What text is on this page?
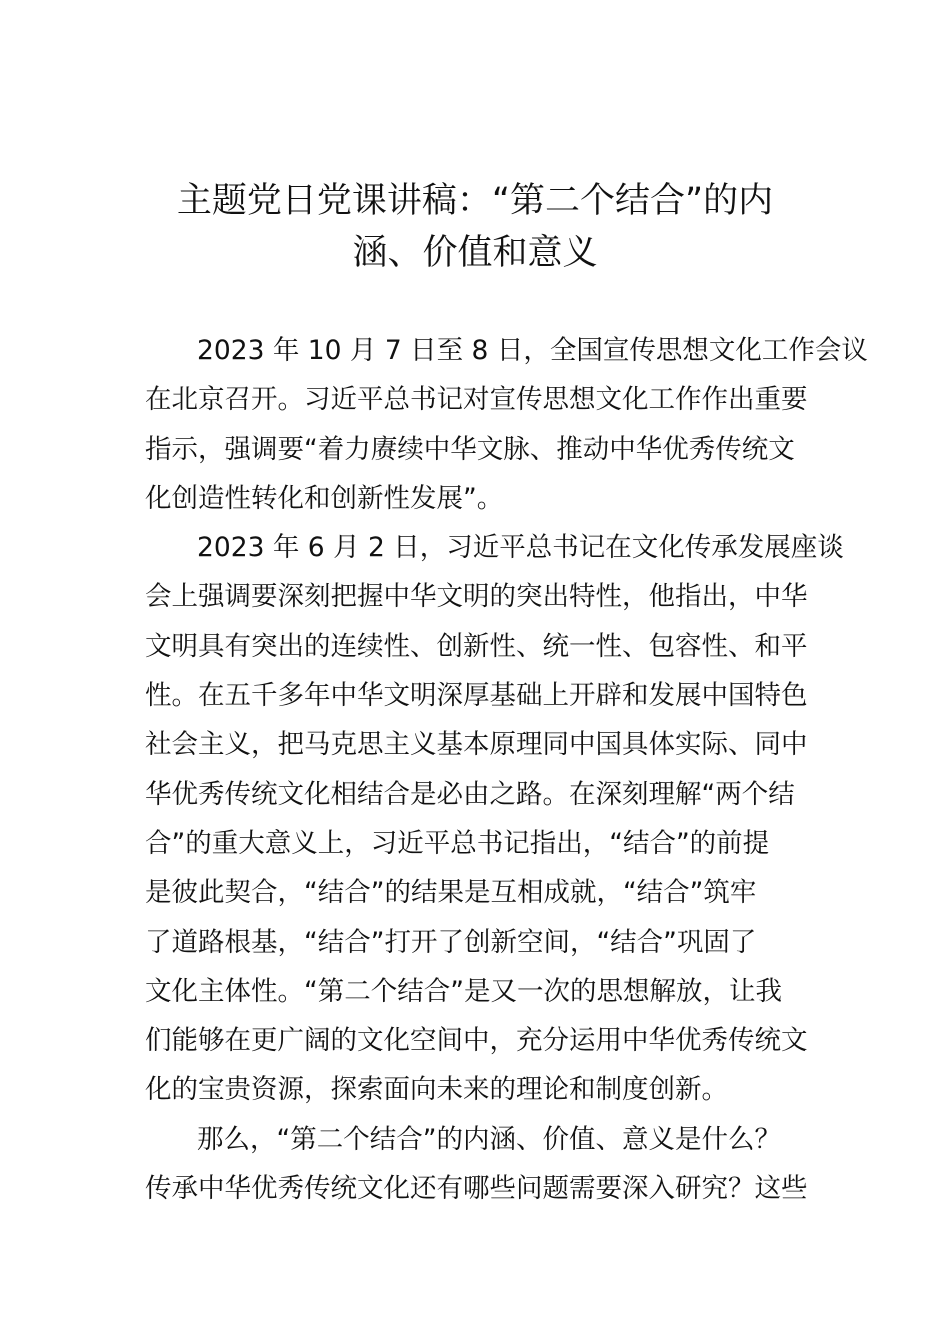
主题党日党课讲稿：“第二个结合”的内
涵、价值和意义

2023 年 10 月 7 日至 8 日，全国宣传思想文化工作会议
在北京召开。习近平总书记对宣传思想文化工作作出重要
指示，强调要“着力赓续中华文脉、推动中华优秀传统文
化创造性转化和创新性发展”。

2023 年 6 月 2 日，习近平总书记在文化传承发展座谈
会上强调要深刻把握中华文明的突出特性，他指出，中华
文明具有突出的连续性、创新性、统一性、包容性、和平
性。在五千多年中华文明深厚基础上开辟和发展中国特色
社会主义，把马克思主义基本原理同中国具体实际、同中
华优秀传统文化相结合是必由之路。在深刻理解“两个结
合”的重大意义上，习近平总书记指出，“结合”的前提
是彼此契合，“结合”的结果是互相成就，“结合”筑牢
了道路根基，“结合”打开了创新空间，“结合”巩固了
文化主体性。“第二个结合”是又一次的思想解放，让我
们能够在更广阔的文化空间中，充分运用中华优秀传统文
化的宝贵资源，探索面向未来的理论和制度创新。

那么，“第二个结合”的内涵、价值、意义是什么？
传承中华优秀传统文化还有哪些问题需要深入研究？这些
